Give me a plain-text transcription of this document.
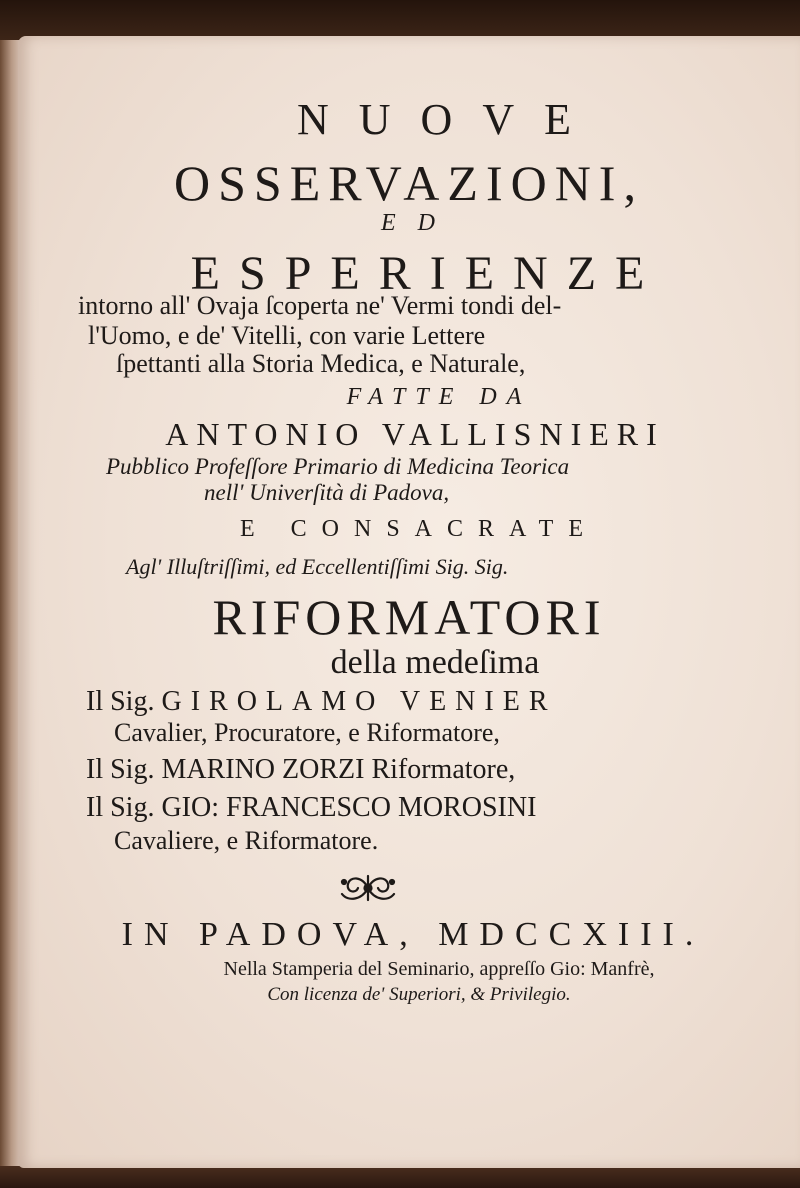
NUOVE
OSSERVAZIONI,
ED
ESPERIENZE
intorno all' Ovaja ſcoperta ne' Vermi tondi del-
l'Uomo, e de' Vitelli, con varie Lettere
ſpettanti alla Storia Medica, e Naturale,
FATTE DA
ANTONIO VALLISNIERI
Pubblico Profeſſore Primario di Medicina Teorica
nell' Univerſità di Padova,
E CONSACRATE
Agl' Illuſtriſſimi, ed Eccellentiſſimi Sig. Sig.
RIFORMATORI
della medeſima
Il Sig. GIROLAMO VENIER
Cavalier, Procuratore, e Riformatore,
Il Sig. MARINO ZORZI Riformatore,
Il Sig. GIO: FRANCESCO MOROSINI
Cavaliere, e Riformatore.
IN PADOVA, MDCCXIII.
Nella Stamperia del Seminario, appreſſo Gio: Manfrè,
Con licenza de' Superiori, & Privilegio.
